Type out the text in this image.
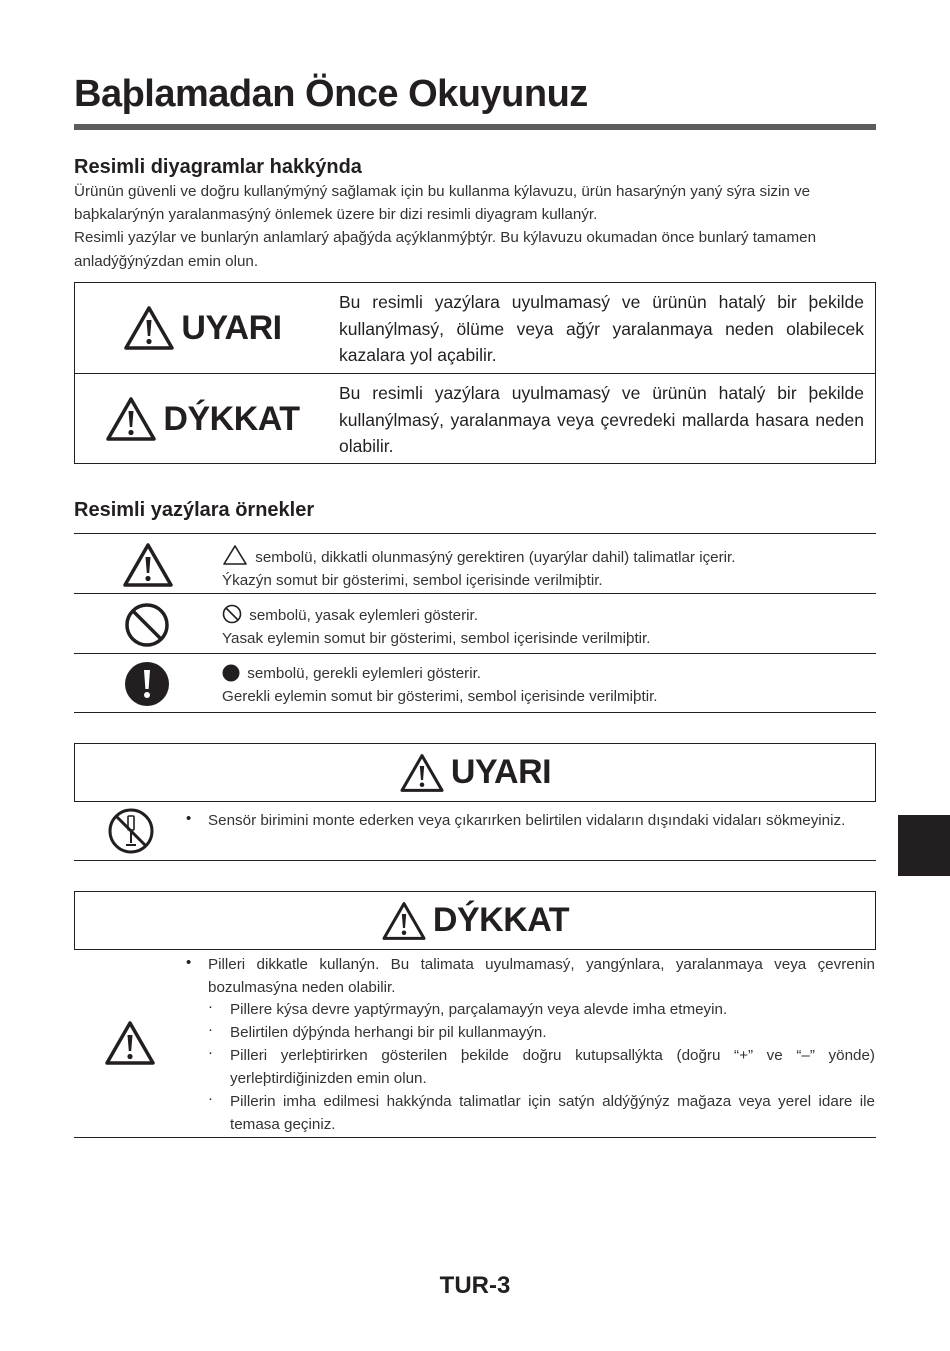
Baþlamadan Önce Okuyunuz
Resimli diyagramlar hakkýnda

Ürünün güvenli ve doğru kullanýmýný sağlamak için bu kullanma kýlavuzu, ürün hasarýnýn yaný sýra sizin ve baþkalarýnýn yaralanmasýný önlemek üzere bir dizi resimli diyagram kullanýr.

Resimli yazýlar ve bunlarýn anlamlarý aþağýda açýklanmýþtýr. Bu kýlavuzu okumadan önce bunlarý tamamen anladýğýnýzdan emin olun.

UYARI
Bu resimli yazýlara uyulmamasý ve ürünün hatalý bir þekilde kullanýlmasý, ölüme veya ağýr yaralanmaya neden olabilecek kazalara yol açabilir.
DÝKKAT
Bu resimli yazýlara uyulmamasý ve ürünün hatalý bir þekilde kullanýlmasý, yaralanmaya veya çevredeki mallarda hasara neden olabilir.
Resimli yazýlara örnekler
sembolü, dikkatli olunmasýný gerektiren (uyarýlar dahil) talimatlar içerir.
Ýkazýn somut bir gösterimi, sembol içerisinde verilmiþtir.
sembolü, yasak eylemleri gösterir.
Yasak eylemin somut bir gösterimi, sembol içerisinde verilmiþtir.
sembolü, gerekli eylemleri gösterir.
Gerekli eylemin somut bir gösterimi, sembol içerisinde verilmiþtir.
UYARI
• Sensör birimini monte ederken veya çıkarırken belirtilen vidaların dışındaki vidaları sökmeyiniz.
DÝKKAT
• Pilleri dikkatle kullanýn. Bu talimata uyulmamasý, yangýnlara, yaralanmaya veya çevrenin bozulmasýna neden olabilir.
· Pillere kýsa devre yaptýrmayýn, parçalamayýn veya alevde imha etmeyin.
· Belirtilen dýþýnda herhangi bir pil kullanmayýn.
· Pilleri yerleþtirirken gösterilen þekilde doğru kutupsallýkta (doğru “+” ve “–” yönde) yerleþtirdiğinizden emin olun.
· Pillerin imha edilmesi hakkýnda talimatlar için satýn aldýğýnýz mağaza veya yerel idare ile temasa geçiniz.
TUR-3
